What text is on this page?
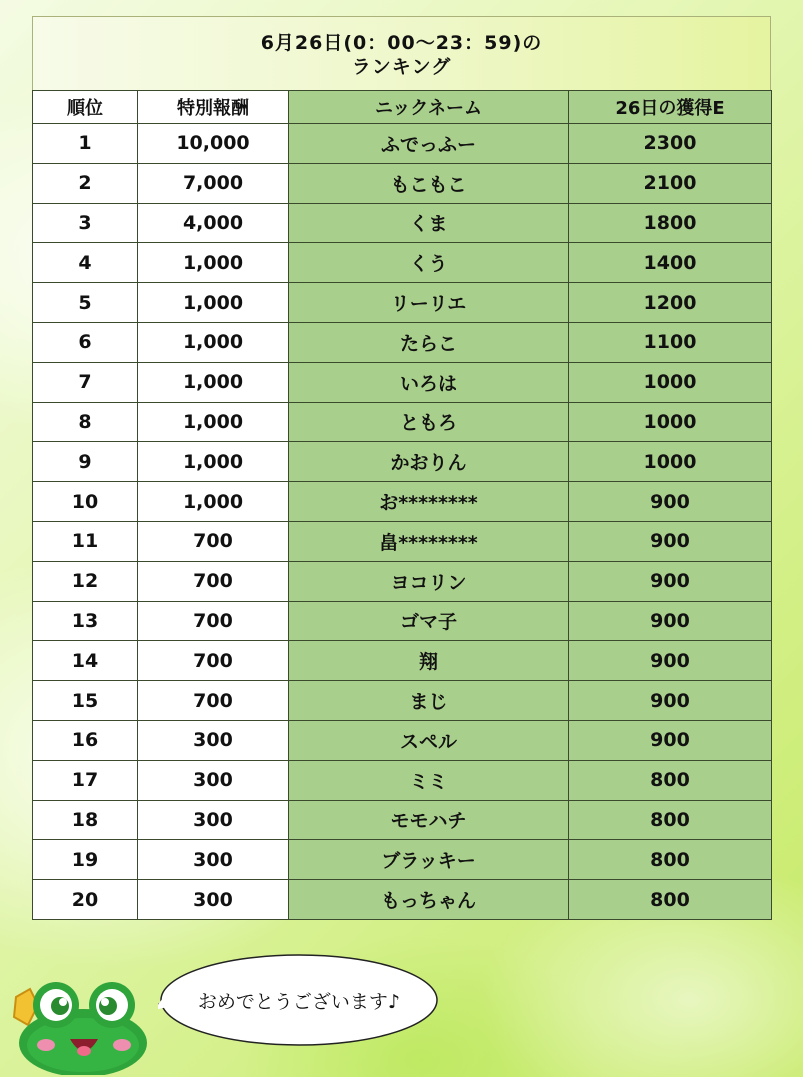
6月26日(0：00～23：59)の
ランキング
順位	特別報酬	ニックネーム	26日の獲得E
1	10,000	ふでっふー	2300
2	7,000	もこもこ	2100
3	4,000	くま	1800
4	1,000	くう	1400
5	1,000	リーリエ	1200
6	1,000	たらこ	1100
7	1,000	いろは	1000
8	1,000	ともろ	1000
9	1,000	かおりん	1000
10	1,000	お********	900
11	700	畠********	900
12	700	ヨコリン	900
13	700	ゴマ子	900
14	700	翔	900
15	700	まじ	900
16	300	スペル	900
17	300	ミミ	800
18	300	モモハチ	800
19	300	ブラッキー	800
20	300	もっちゃん	800
おめでとうございます♪
